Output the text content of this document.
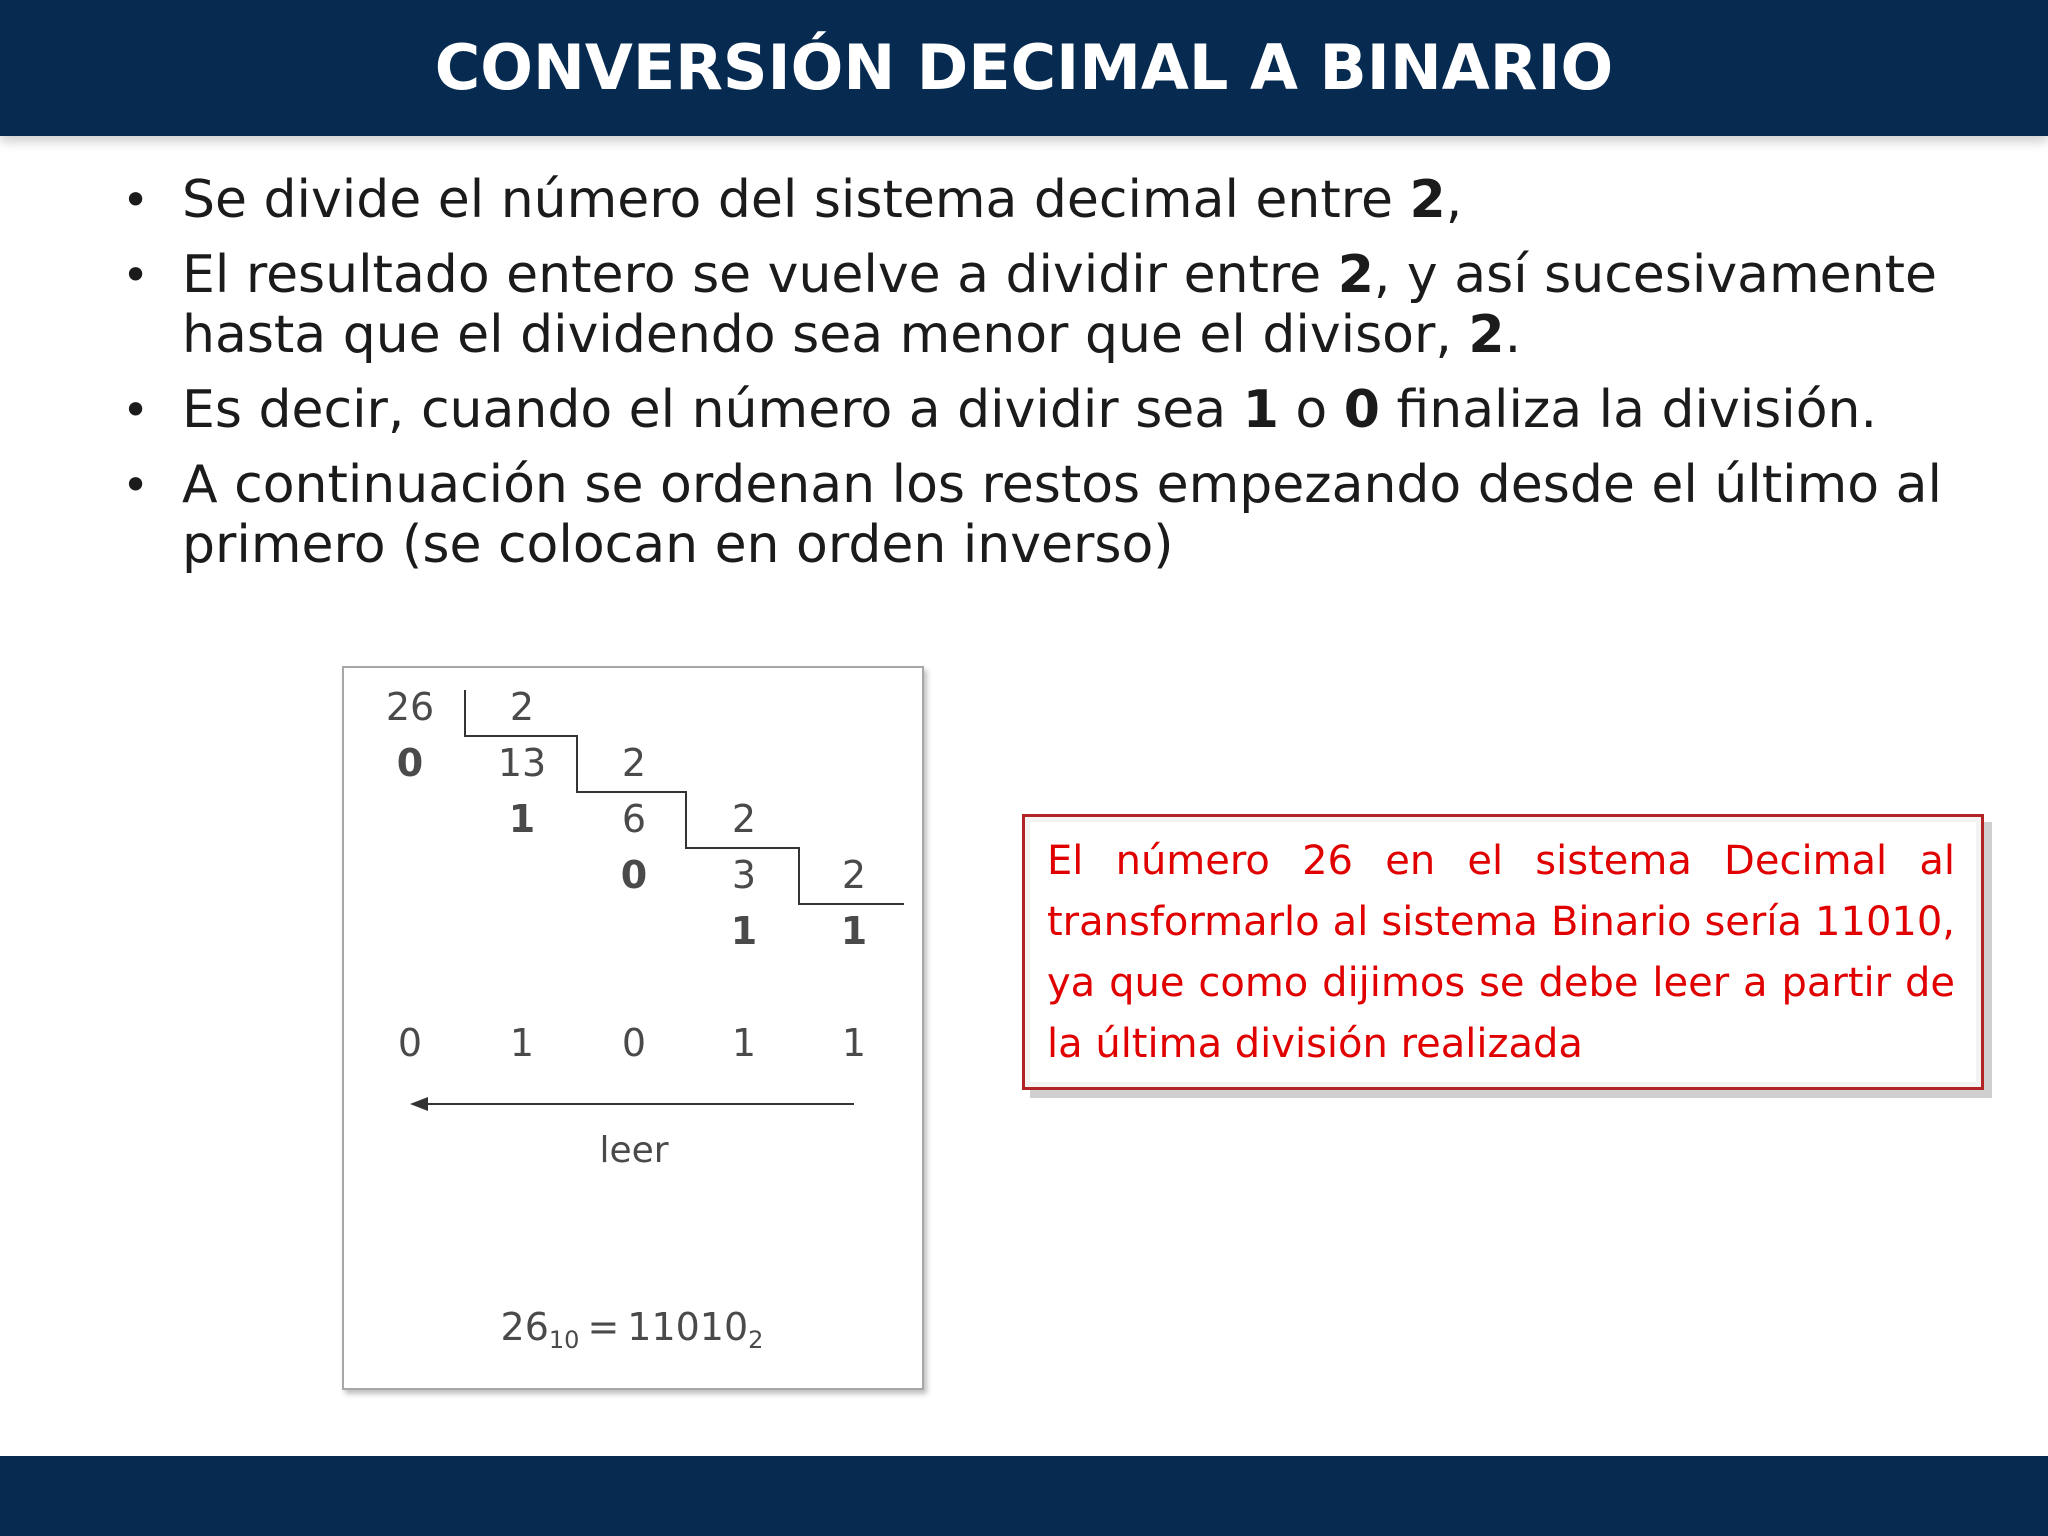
CONVERSIÓN DECIMAL A BINARIO
• Se divide el número del sistema decimal entre 2,
• El resultado entero se vuelve a dividir entre 2, y así sucesivamente hasta que el dividendo sea menor que el divisor, 2.
• Es decir, cuando el número a dividir sea 1 o 0 finaliza la división.
• A continuación se ordenan los restos empezando desde el último al primero (se colocan en orden inverso)
26 2
2
2
2
13
6
3
0
1
0
1 1
0 1 0 1 1
leer
$26_{10} = 11010_2$

El número 26 en el sistema Decimal al transformarlo al sistema Binario sería 11010, ya que como dijimos se debe leer a partir de la última división realizada
